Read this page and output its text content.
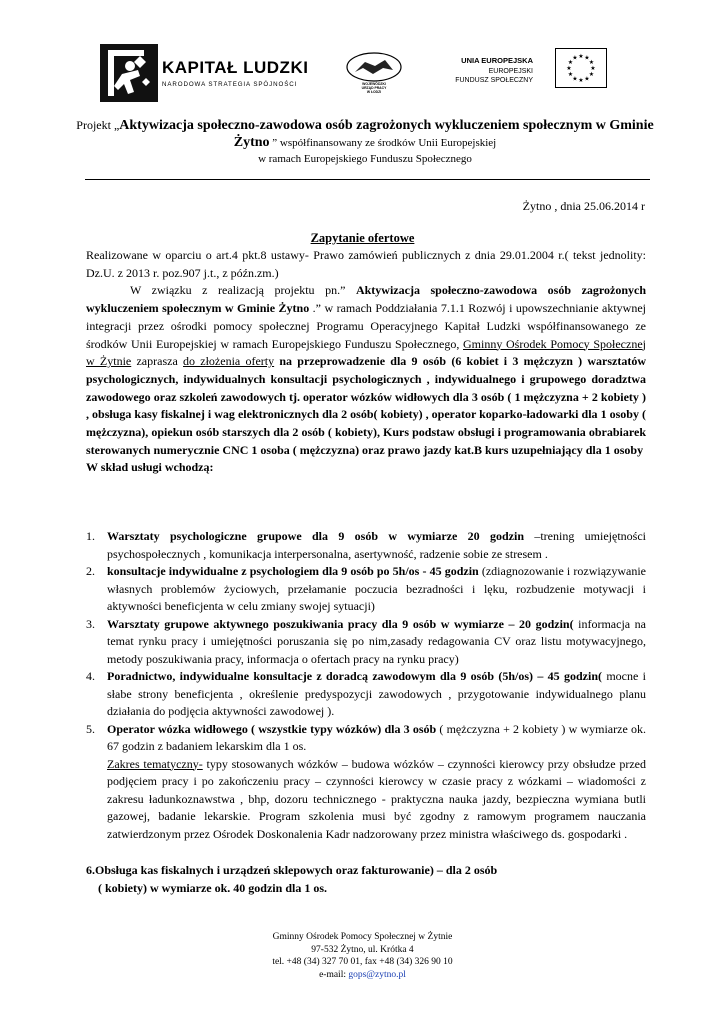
KAPITAŁ LUDZKI
NARODOWA STRATEGIA SPÓJNOŚCI	WOJEWÓDZKI
URZĄD PRACY
W ŁODZI
UNIA EUROPEJSKA
EUROPEJSKI
FUNDUSZ SPOŁECZNY
★ ★
★
★
★
★
★
★
★
★
★
★
Projekt „Aktywizacja społeczno-zawodowa osób zagrożonych wykluczeniem społecznym w Gminie Żytno ” współfinansowany ze środków Unii Europejskiej
w ramach Europejskiego Funduszu Społecznego
Żytno , dnia 25.06.2014 r
Zapytanie ofertowe

Realizowane w oparciu o art.4 pkt.8 ustawy- Prawo zamówień publicznych z dnia 29.01.2004 r.( tekst jednolity: Dz.U. z 2013 r. poz.907 j.t., z późn.zm.)

W związku z realizacją projektu pn.” Aktywizacja społeczno-zawodowa osób zagrożonych wykluczeniem społecznym w Gminie Żytno .” w ramach Poddziałania 7.1.1 Rozwój i upowszechnianie aktywnej integracji przez ośrodki pomocy społecznej Programu Operacyjnego Kapitał Ludzki współfinansowanego ze środków Unii Europejskiej w ramach Europejskiego Funduszu Społecznego, Gminny Ośrodek Pomocy Społecznej w Żytnie zaprasza do złożenia oferty na przeprowadzenie dla 9 osób (6 kobiet i 3 mężczyzn ) warsztatów psychologicznych, indywidualnych konsultacji psychologicznych , indywidualnego i grupowego doradztwa zawodowego oraz szkoleń zawodowych tj. operator wózków widłowych dla 3 osób ( 1 mężczyzna + 2 kobiety ) , obsługa kasy fiskalnej i wag elektronicznych dla 2 osób( kobiety) , operator koparko-ładowarki dla 1 osoby ( mężczyzna), opiekun osób starszych dla 2 osób ( kobiety), Kurs podstaw obsługi i programowania obrabiarek sterowanych numerycznie CNC 1 osoba ( mężczyzna) oraz prawo jazdy kat.B kurs uzupełniający dla 1 osoby

W skład usługi wchodzą:

1. Warsztaty psychologiczne grupowe dla 9 osób w wymiarze 20 godzin –trening umiejętności psychospołecznych , komunikacja interpersonalna, asertywność, radzenie sobie ze stresem .
2. konsultacje indywidualne z psychologiem dla 9 osób po 5h/os - 45 godzin (zdiagnozowanie i rozwiązywanie własnych problemów życiowych, przełamanie poczucia bezradności i lęku, rozbudzenie motywacji i aktywności beneficjenta w celu zmiany swojej sytuacji)
3. Warsztaty grupowe aktywnego poszukiwania pracy dla 9 osób w wymiarze – 20 godzin( informacja na temat rynku pracy i umiejętności poruszania się po nim,zasady redagowania CV oraz listu motywacyjnego, metody poszukiwania pracy, informacja o ofertach pracy na rynku pracy)
4. Poradnictwo, indywidualne konsultacje z doradcą zawodowym dla 9 osób (5h/os) – 45 godzin( mocne i słabe strony beneficjenta , określenie predyspozycji zawodowych , przygotowanie indywidualnego planu działania do podjęcia aktywności zawodowej ).
5. Operator wózka widłowego ( wszystkie typy wózków) dla 3 osób ( mężczyzna + 2 kobiety ) w wymiarze ok. 67 godzin z badaniem lekarskim dla 1 os.
Zakres tematyczny- typy stosowanych wózków – budowa wózków – czynności kierowcy przy obsłudze przed podjęciem pracy i po zakończeniu pracy – czynności kierowcy w czasie pracy z wózkami – wiadomości z zakresu ładunkoznawstwa , bhp, dozoru technicznego - praktyczna nauka jazdy, bezpieczna wymiana butli gazowej, badanie lekarskie. Program szkolenia musi być zgodny z ramowym programem nauczania zatwierdzonym przez Ośrodek Doskonalenia Kadr nadzorowany przez ministra właściwego ds. gospodarki .
6.Obsługa kas fiskalnych i urządzeń sklepowych oraz fakturowanie) – dla 2 osób
( kobiety) w wymiarze ok. 40 godzin dla 1 os.
Gminny Ośrodek Pomocy Społecznej w Żytnie
97-532 Żytno, ul. Krótka 4
tel. +48 (34) 327 70 01, fax +48 (34) 326 90 10
e-mail: gops@zytno.pl
